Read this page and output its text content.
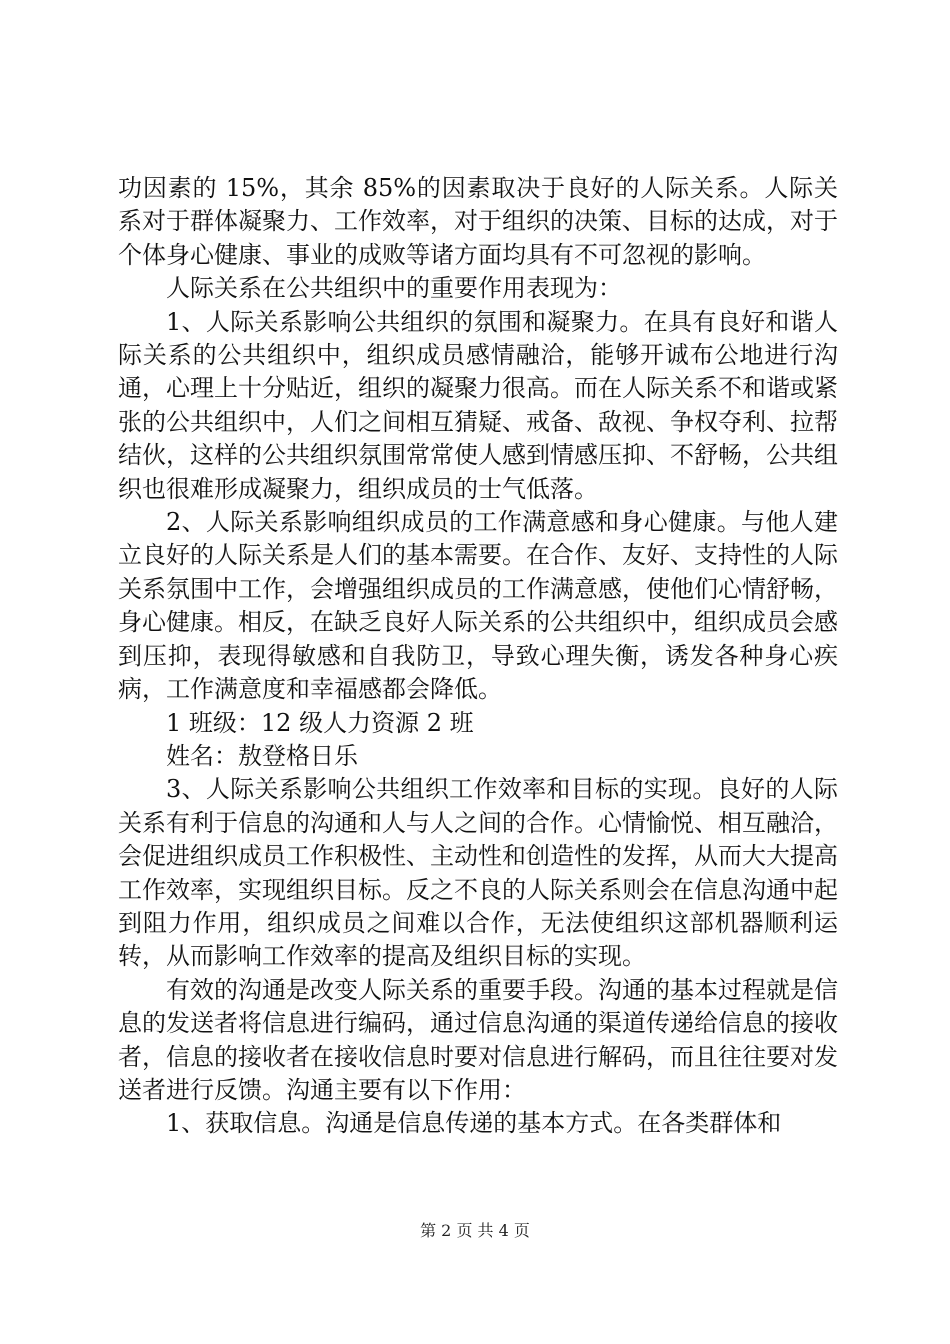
功因素的 15%，其余 85%的因素取决于良好的人际关系。人际关系对于群体凝聚力、工作效率，对于组织的决策、目标的达成，对于个体身心健康、事业的成败等诸方面均具有不可忽视的影响。

人际关系在公共组织中的重要作用表现为：

1、人际关系影响公共组织的氛围和凝聚力。在具有良好和谐人际关系的公共组织中，组织成员感情融洽，能够开诚布公地进行沟通，心理上十分贴近，组织的凝聚力很高。而在人际关系不和谐或紧张的公共组织中，人们之间相互猜疑、戒备、敌视、争权夺利、拉帮结伙，这样的公共组织氛围常常使人感到情感压抑、不舒畅，公共组织也很难形成凝聚力，组织成员的士气低落。

2、人际关系影响组织成员的工作满意感和身心健康。与他人建立良好的人际关系是人们的基本需要。在合作、友好、支持性的人际关系氛围中工作，会增强组织成员的工作满意感，使他们心情舒畅，身心健康。相反，在缺乏良好人际关系的公共组织中，组织成员会感到压抑，表现得敏感和自我防卫，导致心理失衡，诱发各种身心疾病，工作满意度和幸福感都会降低。

1 班级：12 级人力资源 2 班

姓名：敖登格日乐

3、人际关系影响公共组织工作效率和目标的实现。良好的人际关系有利于信息的沟通和人与人之间的合作。心情愉悦、相互融洽，会促进组织成员工作积极性、主动性和创造性的发挥，从而大大提高工作效率，实现组织目标。反之不良的人际关系则会在信息沟通中起到阻力作用，组织成员之间难以合作，无法使组织这部机器顺利运转，从而影响工作效率的提高及组织目标的实现。

有效的沟通是改变人际关系的重要手段。沟通的基本过程就是信息的发送者将信息进行编码，通过信息沟通的渠道传递给信息的接收者，信息的接收者在接收信息时要对信息进行解码，而且往往要对发送者进行反馈。沟通主要有以下作用：

1、获取信息。沟通是信息传递的基本方式。在各类群体和

第 2 页 共 4 页
